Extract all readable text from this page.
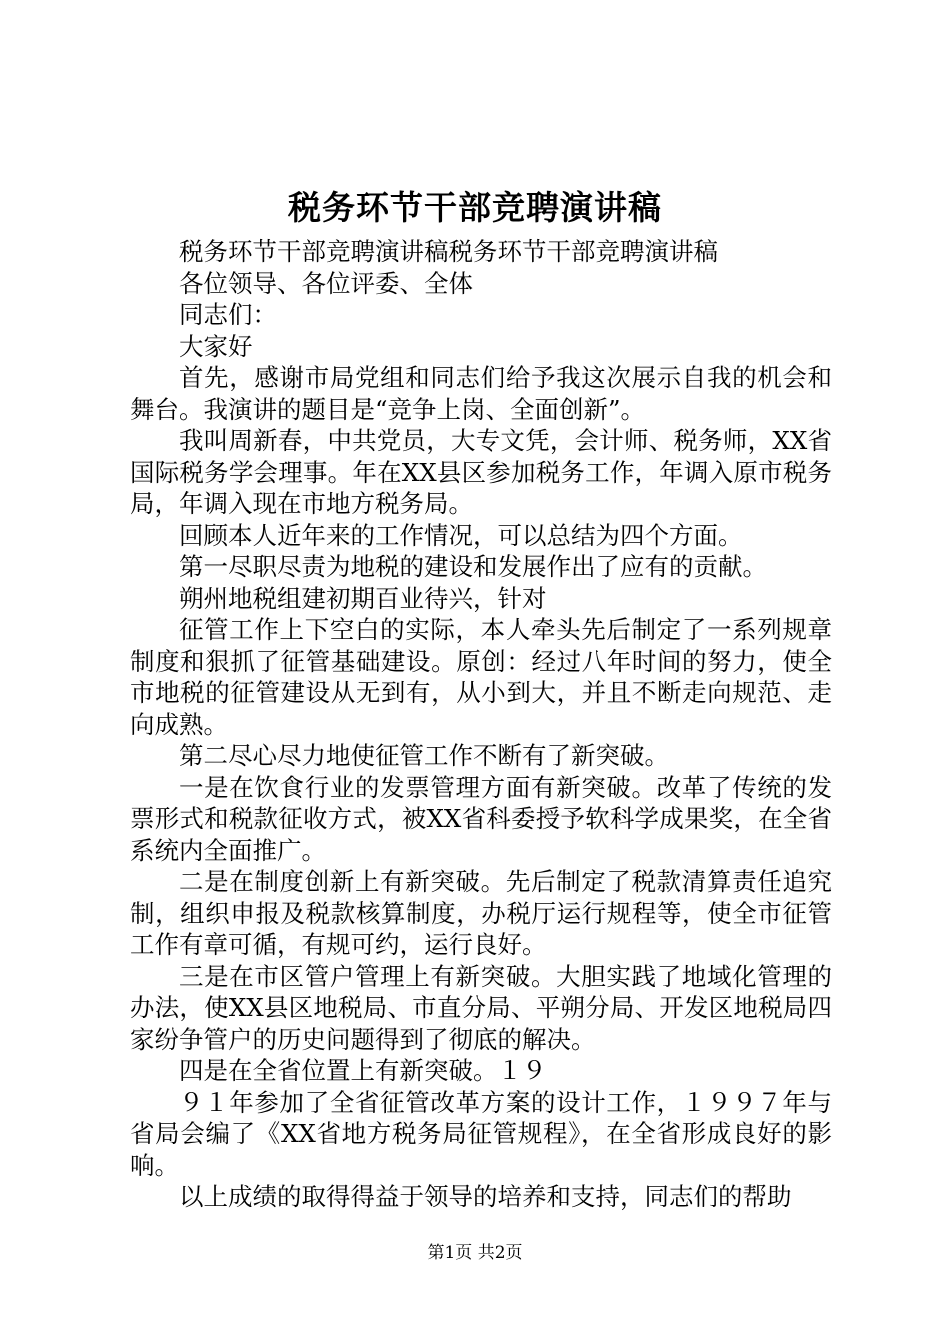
税务环节干部竞聘演讲稿

税务环节干部竞聘演讲稿税务环节干部竞聘演讲稿

各位领导、各位评委、全体

同志们：

大家好

首先，感谢市局党组和同志们给予我这次展示自我的机会和舞台。我演讲的题目是“竞争上岗、全面创新”。

我叫周新春，中共党员，大专文凭，会计师、税务师，XX省国际税务学会理事。年在XX县区参加税务工作，年调入原市税务局，年调入现在市地方税务局。

回顾本人近年来的工作情况，可以总结为四个方面。

第一尽职尽责为地税的建设和发展作出了应有的贡献。

朔州地税组建初期百业待兴，针对

征管工作上下空白的实际，本人牵头先后制定了一系列规章制度和狠抓了征管基础建设。原创：经过八年时间的努力，使全市地税的征管建设从无到有，从小到大，并且不断走向规范、走向成熟。

第二尽心尽力地使征管工作不断有了新突破。

一是在饮食行业的发票管理方面有新突破。改革了传统的发票形式和税款征收方式，被XX省科委授予软科学成果奖，在全省系统内全面推广。

二是在制度创新上有新突破。先后制定了税款清算责任追究制，组织申报及税款核算制度，办税厅运行规程等，使全市征管工作有章可循，有规可约，运行良好。

三是在市区管户管理上有新突破。大胆实践了地域化管理的办法，使XX县区地税局、市直分局、平朔分局、开发区地税局四家纷争管户的历史问题得到了彻底的解决。

四是在全省位置上有新突破。１９

９１年参加了全省征管改革方案的设计工作，１９９７年与省局会编了《XX省地方税务局征管规程》，在全省形成良好的影响。

以上成绩的取得得益于领导的培养和支持，同志们的帮助

第1页 共2页
